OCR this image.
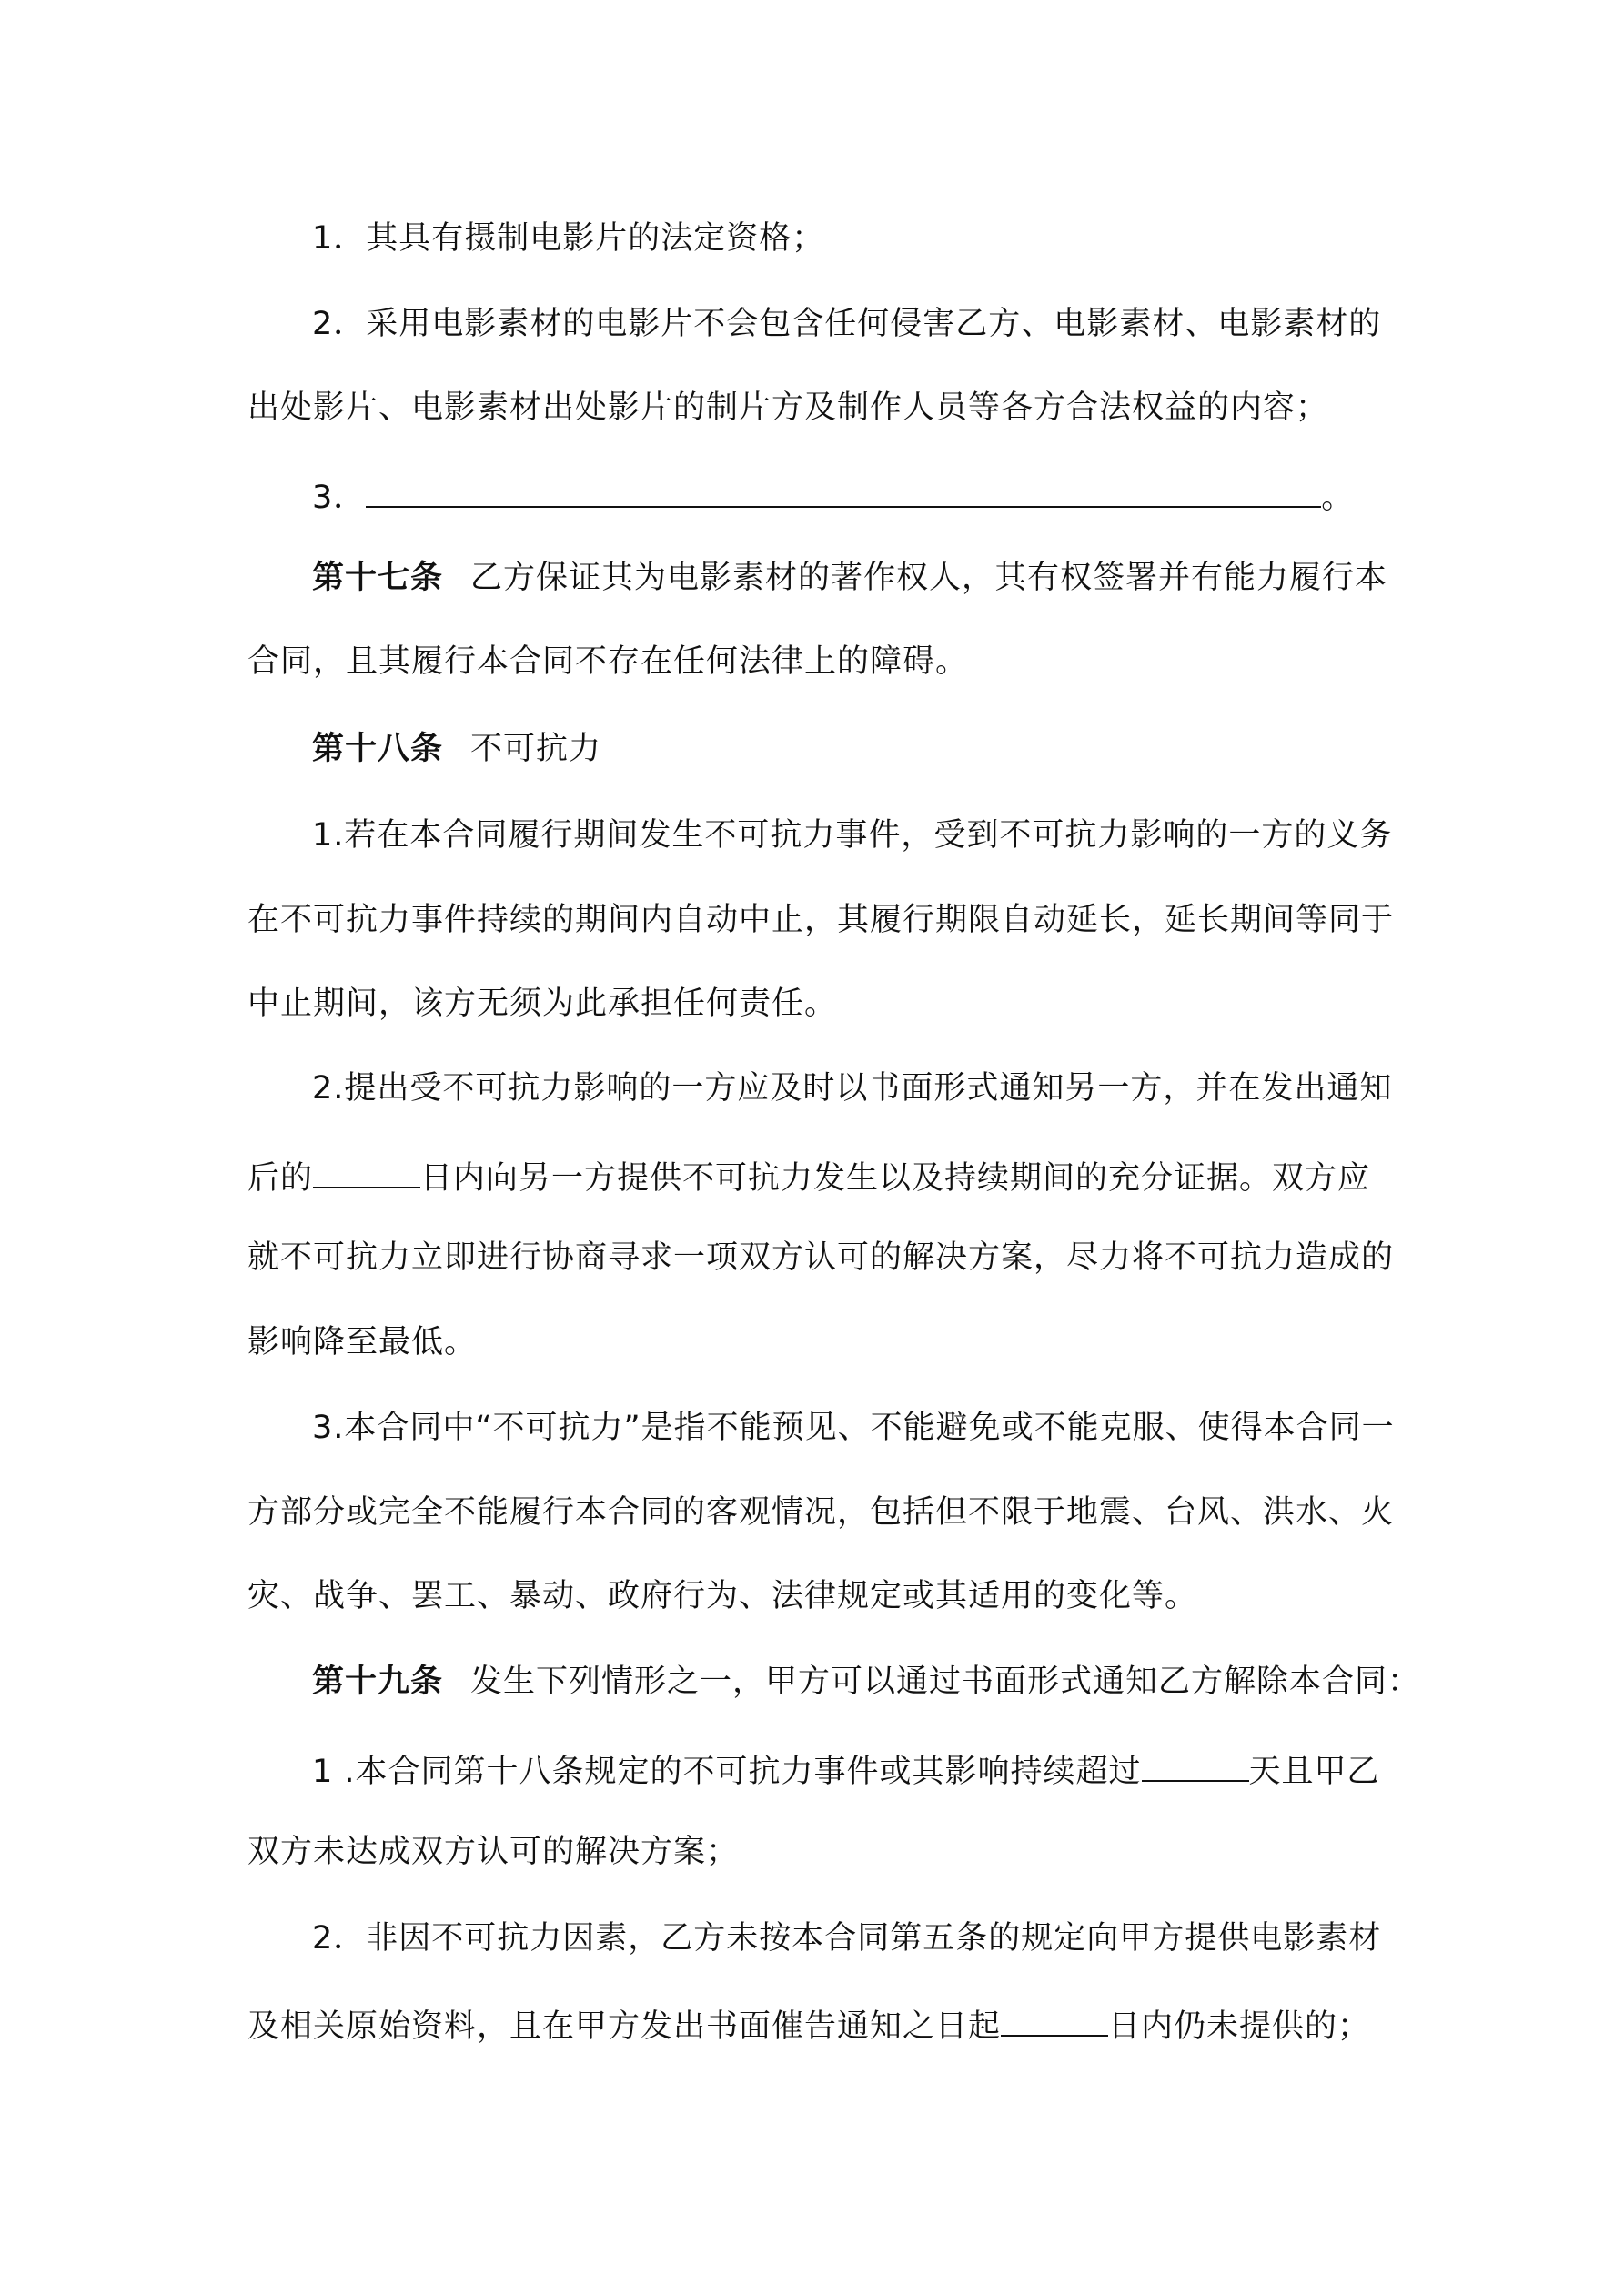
1．其具有摄制电影片的法定资格；
2．采用电影素材的电影片不会包含任何侵害乙方、电影素材、电影素材的
出处影片、电影素材出处影片的制片方及制作人员等各方合法权益的内容；
3．	。
第十七条 乙方保证其为电影素材的著作权人，其有权签署并有能力履行本
合同，且其履行本合同不存在任何法律上的障碍。
第十八条 不可抗力
1.若在本合同履行期间发生不可抗力事件，受到不可抗力影响的一方的义务
在不可抗力事件持续的期间内自动中止，其履行期限自动延长，延长期间等同于
中止期间，该方无须为此承担任何责任。
2.提出受不可抗力影响的一方应及时以书面形式通知另一方，并在发出通知
后的	日内向另一方提供不可抗力发生以及持续期间的充分证据。双方应
就不可抗力立即进行协商寻求一项双方认可的解决方案，尽力将不可抗力造成的
影响降至最低。
3.本合同中“不可抗力”是指不能预见、不能避免或不能克服、使得本合同一
方部分或完全不能履行本合同的客观情况，包括但不限于地震、台风、洪水、火
灾、战争、罢工、暴动、政府行为、法律规定或其适用的变化等。
第十九条 发生下列情形之一，甲方可以通过书面形式通知乙方解除本合同：
1 .本合同第十八条规定的不可抗力事件或其影响持续超过	天且甲乙
双方未达成双方认可的解决方案；
2．非因不可抗力因素，乙方未按本合同第五条的规定向甲方提供电影素材
及相关原始资料，且在甲方发出书面催告通知之日起	日内仍未提供的；
